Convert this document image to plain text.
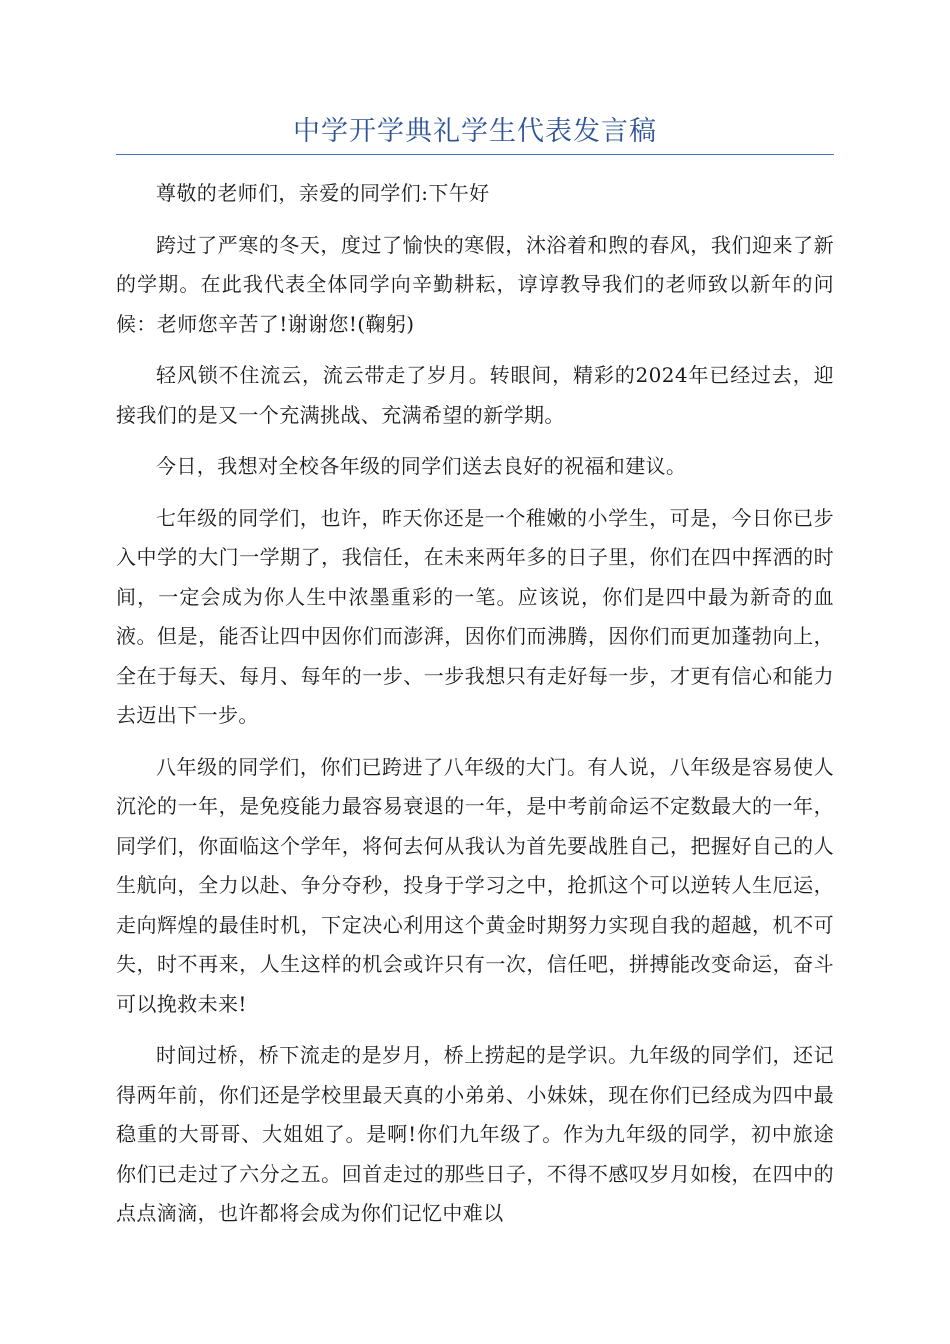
中学开学典礼学生代表发言稿

尊敬的老师们，亲爱的同学们:下午好

跨过了严寒的冬天，度过了愉快的寒假，沐浴着和煦的春风，我们迎来了新的学期。在此我代表全体同学向辛勤耕耘，谆谆教导我们的老师致以新年的问候：老师您辛苦了!谢谢您!(鞠躬)

轻风锁不住流云，流云带走了岁月。转眼间，精彩的2024年已经过去，迎接我们的是又一个充满挑战、充满希望的新学期。

今日，我想对全校各年级的同学们送去良好的祝福和建议。

七年级的同学们，也许，昨天你还是一个稚嫩的小学生，可是，今日你已步入中学的大门一学期了，我信任，在未来两年多的日子里，你们在四中挥洒的时间，一定会成为你人生中浓墨重彩的一笔。应该说，你们是四中最为新奇的血液。但是，能否让四中因你们而澎湃，因你们而沸腾，因你们而更加蓬勃向上，全在于每天、每月、每年的一步、一步我想只有走好每一步，才更有信心和能力去迈出下一步。

八年级的同学们，你们已跨进了八年级的大门。有人说，八年级是容易使人沉沦的一年，是免疫能力最容易衰退的一年，是中考前命运不定数最大的一年，同学们，你面临这个学年，将何去何从我认为首先要战胜自己，把握好自己的人生航向，全力以赴、争分夺秒，投身于学习之中，抢抓这个可以逆转人生厄运，走向辉煌的最佳时机，下定决心利用这个黄金时期努力实现自我的超越，机不可失，时不再来，人生这样的机会或许只有一次，信任吧，拼搏能改变命运，奋斗可以挽救未来!

时间过桥，桥下流走的是岁月，桥上捞起的是学识。九年级的同学们，还记得两年前，你们还是学校里最天真的小弟弟、小妹妹，现在你们已经成为四中最稳重的大哥哥、大姐姐了。是啊!你们九年级了。作为九年级的同学，初中旅途你们已走过了六分之五。回首走过的那些日子，不得不感叹岁月如梭，在四中的点点滴滴，也许都将会成为你们记忆中难以
